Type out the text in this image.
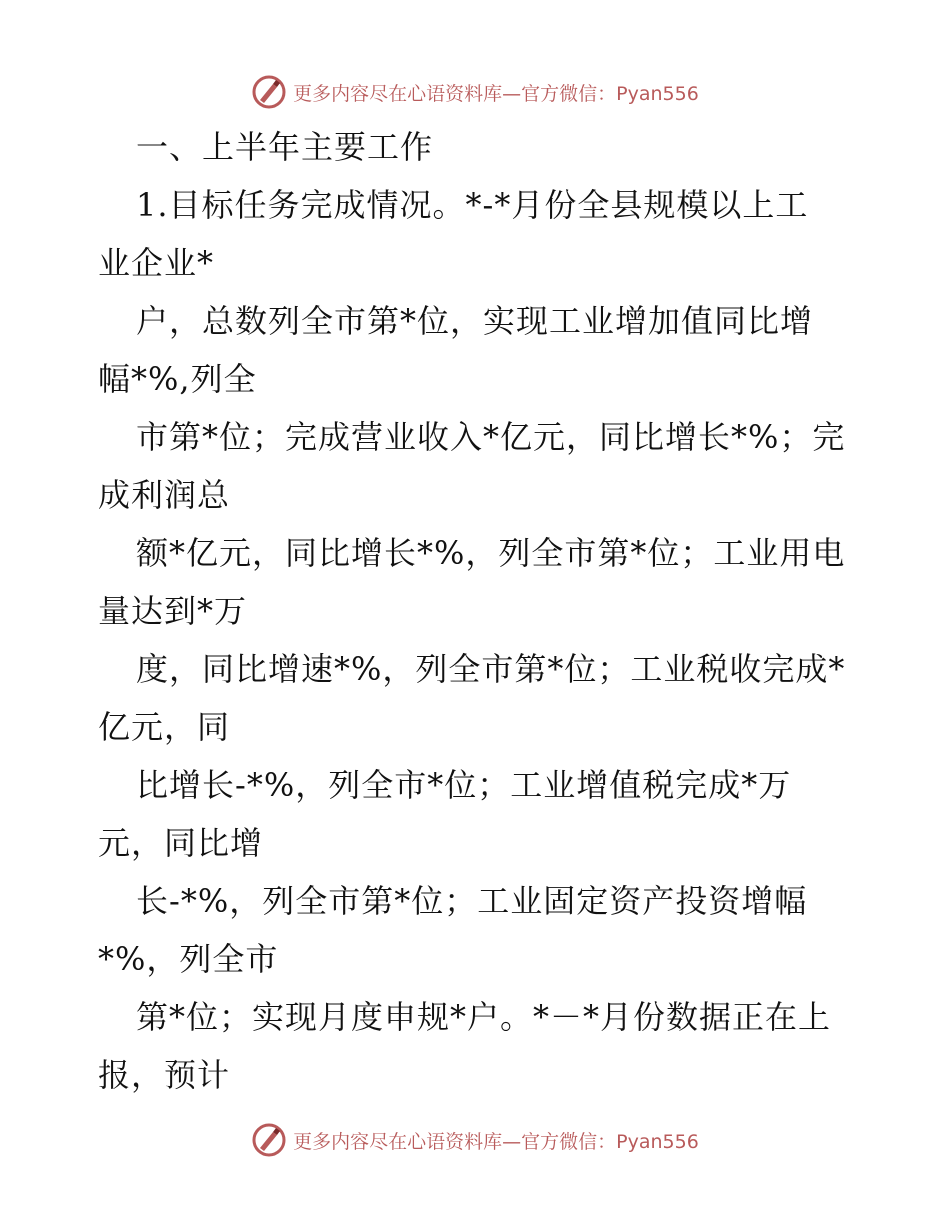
更多内容尽在心语资料库—官方微信：Pyan556
一、上半年主要工作
1.目标任务完成情况。*-*月份全县规模以上工
业企业*
户，总数列全市第*位，实现工业增加值同比增
幅*%,列全
市第*位；完成营业收入*亿元，同比增长*%；完
成利润总
额*亿元，同比增长*%，列全市第*位；工业用电
量达到*万
度，同比增速*%，列全市第*位；工业税收完成*
亿元，同
比增长-*%，列全市*位；工业增值税完成*万
元，同比增
长-*%，列全市第*位；工业固定资产投资增幅
*%，列全市
第*位；实现月度申规*户。*－*月份数据正在上
报，预计
更多内容尽在心语资料库—官方微信：Pyan556
